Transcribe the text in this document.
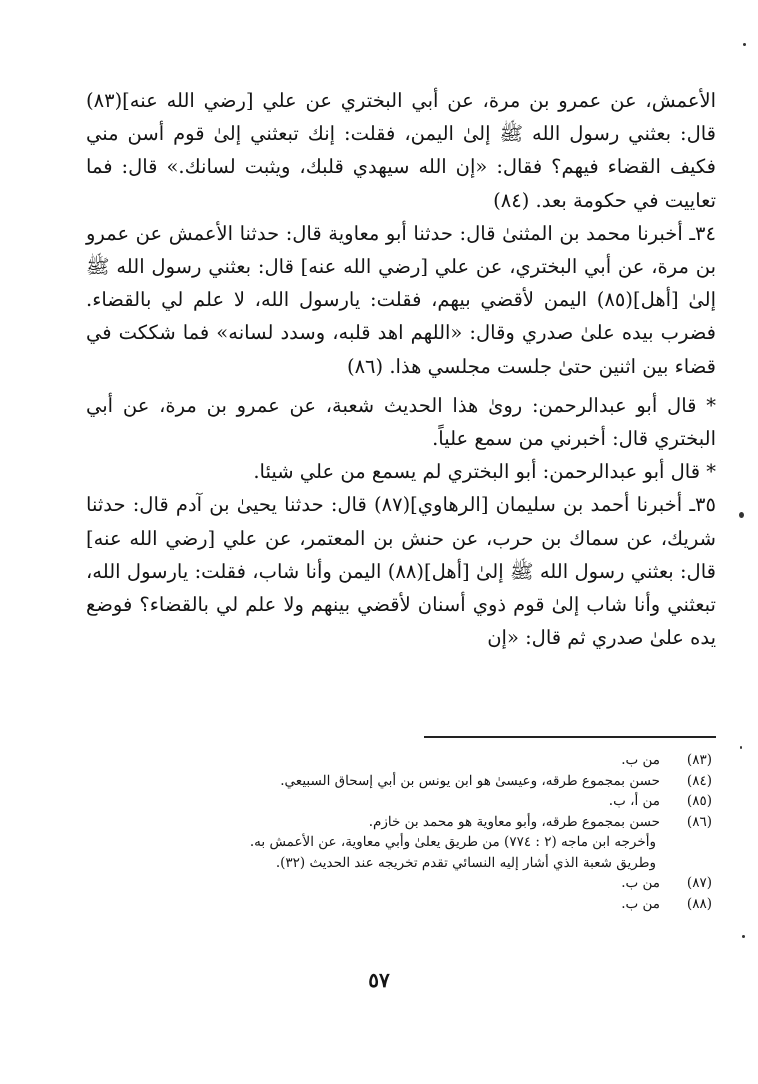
الأعمش، عن عمرو بن مرة، عن أبي البختري عن علي [رضي الله عنه](٨٣) قال: بعثني رسول الله ﷺ إلىٰ اليمن، فقلت: إنك تبعثني إلىٰ قوم أسن مني فكيف القضاء فيهم؟ فقال: «إن الله سيهدي قلبك، ويثبت لسانك.» قال: فما تعاييت في حكومة بعد. (٨٤)

٣٤ـ أخبرنا محمد بن المثنىٰ قال: حدثنا أبو معاوية قال: حدثنا الأعمش عن عمرو بن مرة، عن أبي البختري، عن علي [رضي الله عنه] قال: بعثني رسول الله ﷺ إلىٰ [أهل](٨٥) اليمن لأقضي بيهم، فقلت: يارسول الله، لا علم لي بالقضاء. فضرب بيده علىٰ صدري وقال: «اللهم اهد قلبه، وسدد لسانه» فما شككت في قضاء بين اثنين حتىٰ جلست مجلسي هذا. (٨٦)

* قال أبو عبدالرحمن: روىٰ هذا الحديث شعبة، عن عمرو بن مرة، عن أبي البختري قال: أخبرني من سمع علياً.

* قال أبو عبدالرحمن: أبو البختري لم يسمع من علي شيئا.

٣٥ـ أخبرنا أحمد بن سليمان [الرهاوي](٨٧) قال: حدثنا يحيىٰ بن آدم قال: حدثنا شريك، عن سماك بن حرب، عن حنش بن المعتمر، عن علي [رضي الله عنه] قال: بعثني رسول الله ﷺ إلىٰ [أهل](٨٨) اليمن وأنا شاب، فقلت: يارسول الله، تبعثني وأنا شاب إلىٰ قوم ذوي أسنان لأقضي بينهم ولا علم لي بالقضاء؟ فوضع يده علىٰ صدري ثم قال: «إن

(٨٣)من ب.
(٨٤)حسن بمجموع طرقه، وعيسىٰ هو ابن يونس بن أبي إسحاق السبيعي.
(٨٥)من أ، ب.
(٨٦)حسن بمجموع طرقه، وأبو معاوية هو محمد بن خازم.
وأخرجه ابن ماجه (٢ : ٧٧٤) من طريق يعلىٰ وأبي معاوية، عن الأعمش به.
وطريق شعبة الذي أشار إليه النسائي تقدم تخريجه عند الحديث (٣٢).
(٨٧)من ب.
(٨٨)من ب.
٥٧
